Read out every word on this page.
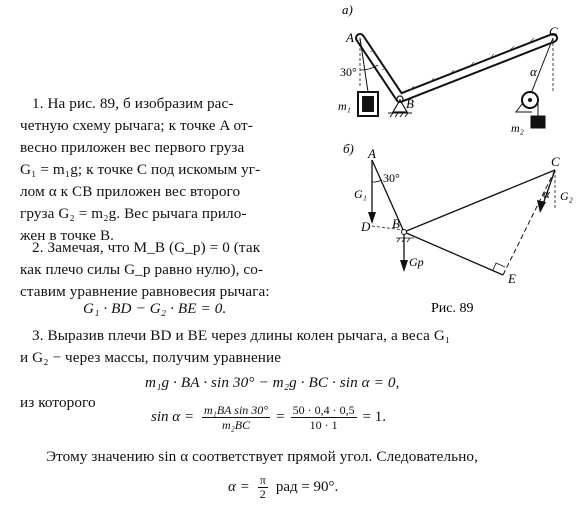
а)
A
B
C
30°	α
m₁
m₂
б) A
B
C
D
E
30°
α
G₁	G₂
Gp
Рис. 89
1. На рис. 89, б изобразим рас-
четную схему рычага; к точке A от-
весно приложен вес первого груза
G₁ = m₁g; к точке C под искомым уг-
лом α к CB приложен вес второго
груза G₂ = m₂g. Вес рычага прило-
жен в точке B.
2. Замечая, что M_B (G_p) = 0 (так
как плечо силы G_p равно нулю), со-
ставим уравнение равновесия рычага:
G₁ · BD − G₂ · BE = 0.
3. Выразив плечи BD и BE через длины колен рычага, а веса G₁
и G₂ − через массы, получим уравнение
m₁g · BA · sin 30° − m₂g · BC · sin α = 0,
из которого
sin α = m₁BA sin 30°
m₂BC = 50 · 0,4 · 0,5
10 · 1 = 1.
Этому значению sin α соответствует прямой угол. Следовательно,
α = π
2 рад = 90°.
